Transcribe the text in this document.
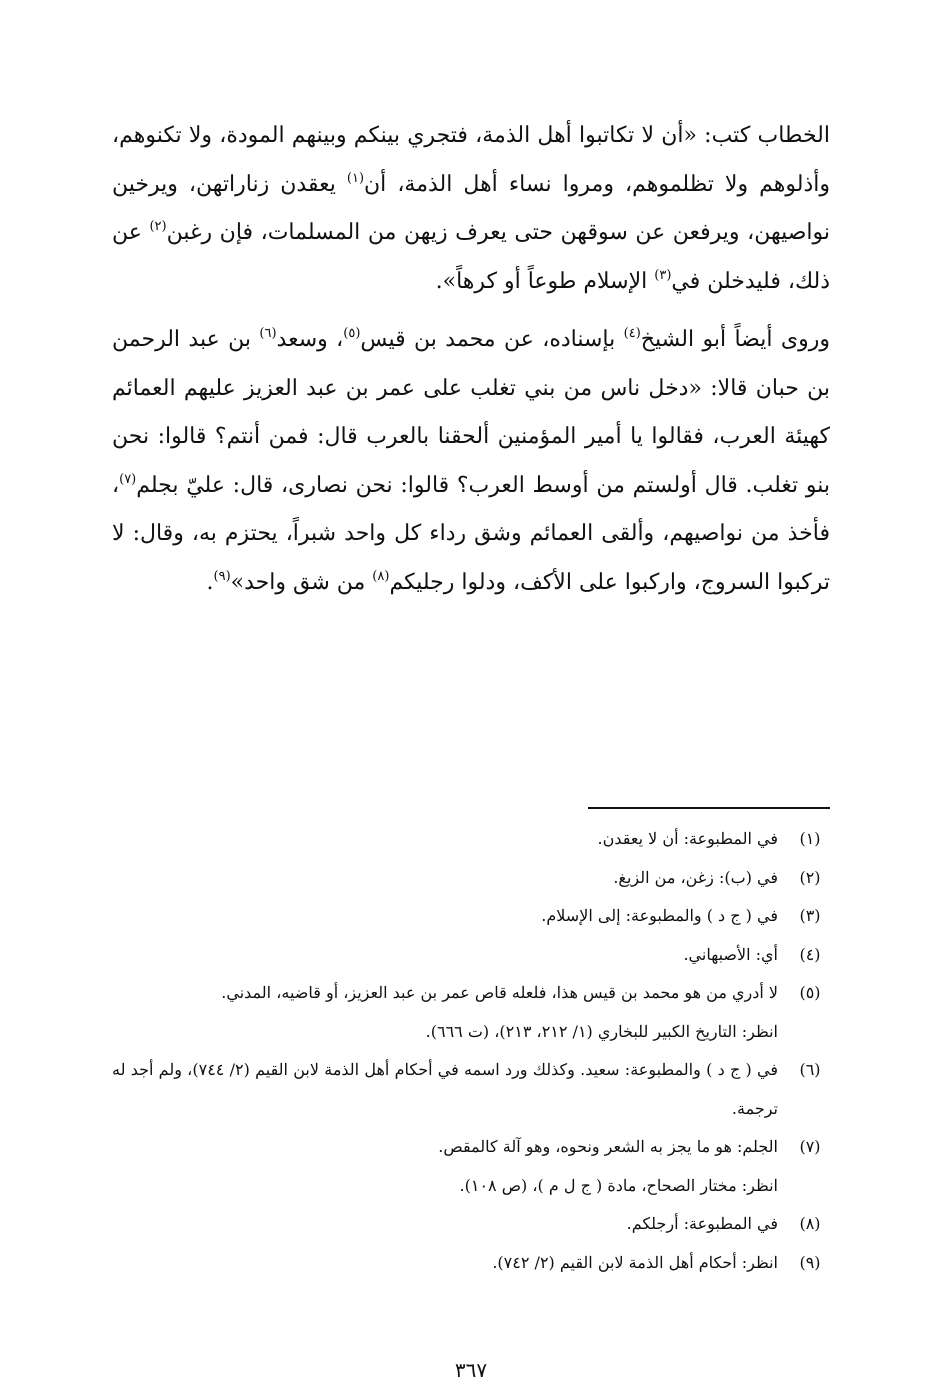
الخطاب كتب: «أن لا تكاتبوا أهل الذمة، فتجري بينكم وبينهم المودة، ولا تكنوهم، وأذلوهم ولا تظلموهم، ومروا نساء أهل الذمة، أن$^{(١)}$ يعقدن زناراتهن، ويرخين نواصيهن، ويرفعن عن سوقهن حتى يعرف زيهن من المسلمات، فإن رغبن$^{(٢)}$ عن ذلك، فليدخلن في$^{(٣)}$ الإسلام طوعاً أو كرهاً».

وروى أيضاً أبو الشيخ$^{(٤)}$ بإسناده، عن محمد بن قيس$^{(٥)}$، وسعد$^{(٦)}$ بن عبد الرحمن بن حبان قالا: «دخل ناس من بني تغلب على عمر بن عبد العزيز عليهم العمائم كهيئة العرب، فقالوا يا أمير المؤمنين ألحقنا بالعرب قال: فمن أنتم؟ قالوا: نحن بنو تغلب. قال أولستم من أوسط العرب؟ قالوا: نحن نصارى، قال: عليّ بجلم$^{(٧)}$، فأخذ من نواصيهم، وألقى العمائم وشق رداء كل واحد شبراً، يحتزم به، وقال: لا تركبوا السروج، واركبوا على الأكف، ودلوا رجليكم$^{(٨)}$ من شق واحد»$^{(٩)}$.

(١)
في المطبوعة: أن لا يعقدن.
(٢)
في (ب): زغن، من الزيغ.
(٣)
في ( ج د ) والمطبوعة: إلى الإسلام.
(٤)
أي: الأصبهاني.
(٥)
لا أدري من هو محمد بن قيس هذا، فلعله قاص عمر بن عبد العزيز، أو قاضيه، المدني.
انظر: التاريخ الكبير للبخاري (١/ ٢١٢، ٢١٣)، (ت ٦٦٦).
(٦)
في ( ج د ) والمطبوعة: سعيد. وكذلك ورد اسمه في أحكام أهل الذمة لابن القيم (٢/ ٧٤٤)، ولم أجد له ترجمة.
(٧)
الجلم: هو ما يجز به الشعر ونحوه، وهو آلة كالمقص.
انظر: مختار الصحاح، مادة ( ج ل م )، (ص ١٠٨).
(٨)
في المطبوعة: أرجلكم.
(٩)
انظر: أحكام أهل الذمة لابن القيم (٢/ ٧٤٢).
٣٦٧
